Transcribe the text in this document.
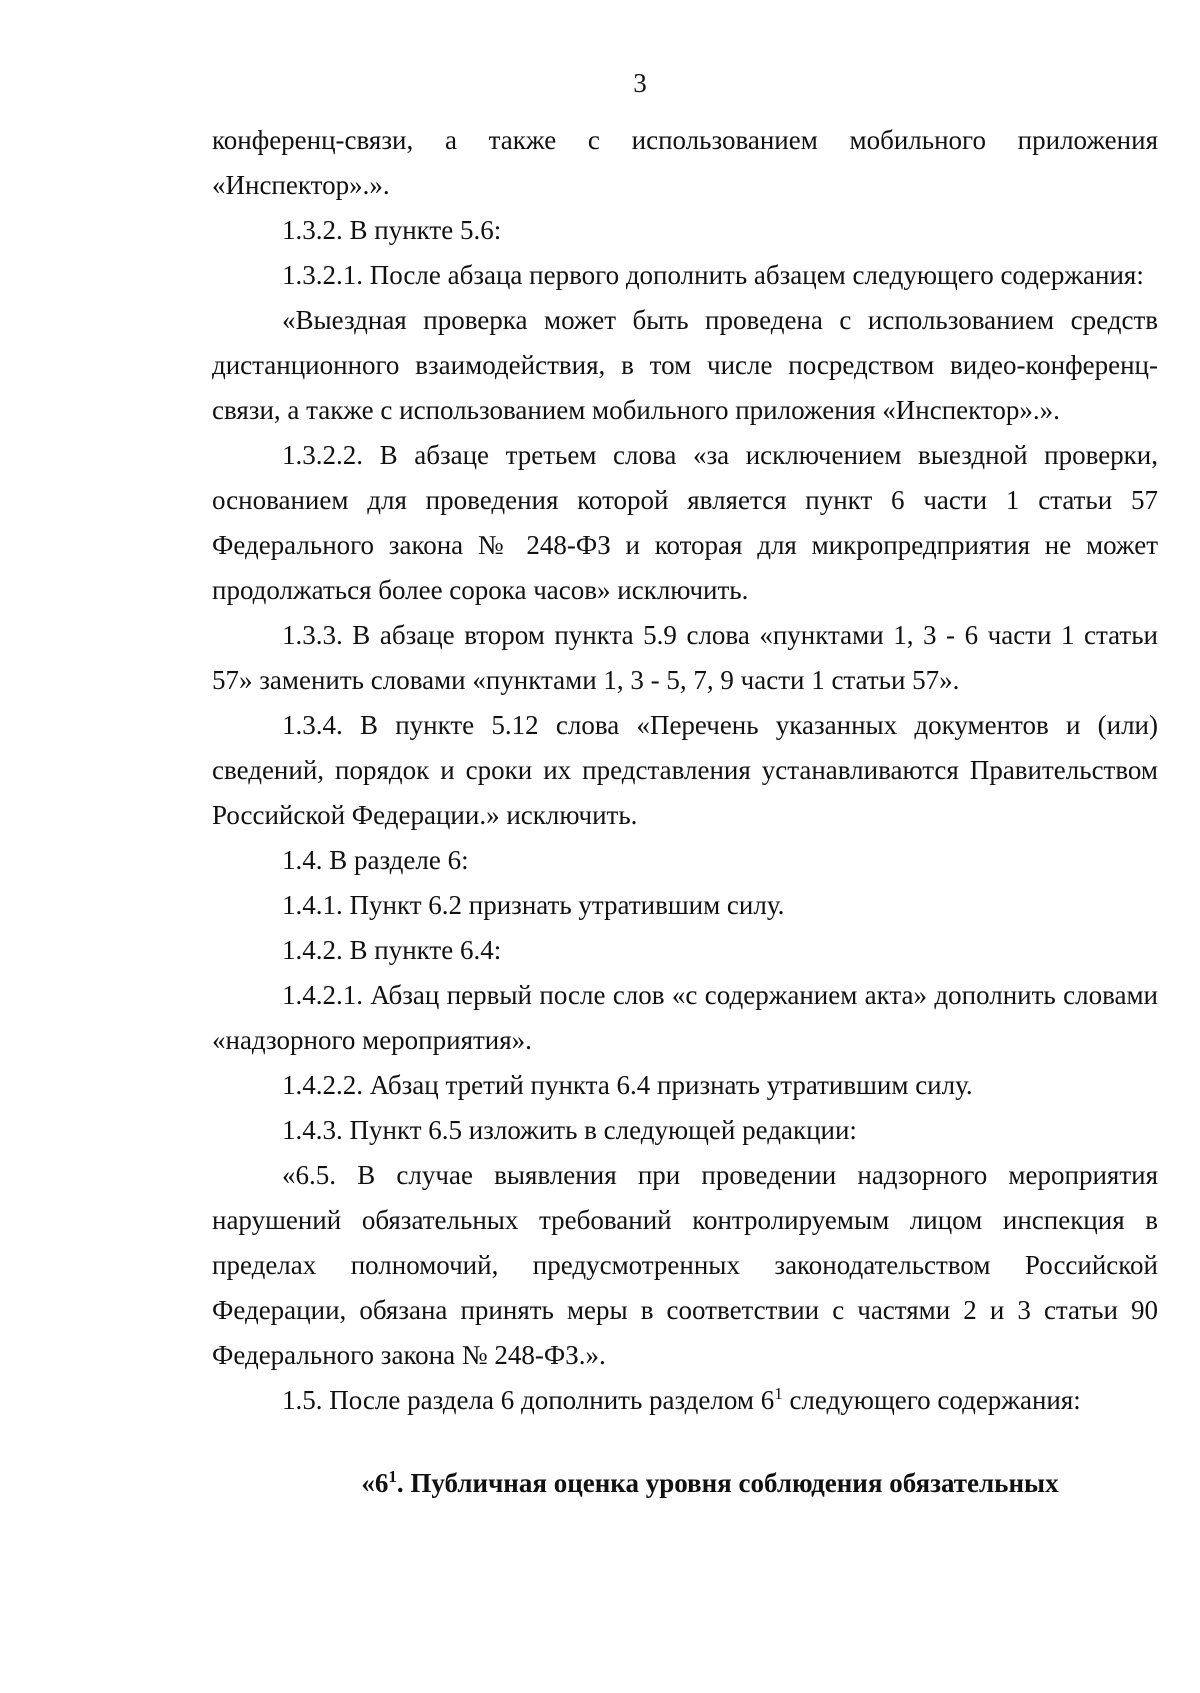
3

конференц-связи, а также с использованием мобильного приложения «Инспектор».».

1.3.2. В пункте 5.6:

1.3.2.1. После абзаца первого дополнить абзацем следующего содержания:

«Выездная проверка может быть проведена с использованием средств дистанционного взаимодействия, в том числе посредством видео-конференц-связи, а также с использованием мобильного приложения «Инспектор».».

1.3.2.2. В абзаце третьем слова «за исключением выездной проверки, основанием для проведения которой является пункт 6 части 1 статьи 57 Федерального закона № 248-ФЗ и которая для микропредприятия не может продолжаться более сорока часов» исключить.

1.3.3. В абзаце втором пункта 5.9 слова «пунктами 1, 3 - 6 части 1 статьи 57» заменить словами «пунктами 1, 3 - 5, 7, 9 части 1 статьи 57».

1.3.4. В пункте 5.12 слова «Перечень указанных документов и (или) сведений, порядок и сроки их представления устанавливаются Правительством Российской Федерации.» исключить.

1.4. В разделе 6:

1.4.1. Пункт 6.2 признать утратившим силу.

1.4.2. В пункте 6.4:

1.4.2.1. Абзац первый после слов «с содержанием акта» дополнить словами «надзорного мероприятия».

1.4.2.2. Абзац третий пункта 6.4 признать утратившим силу.

1.4.3. Пункт 6.5 изложить в следующей редакции:

«6.5. В случае выявления при проведении надзорного мероприятия нарушений обязательных требований контролируемым лицом инспекция в пределах полномочий, предусмотренных законодательством Российской Федерации, обязана принять меры в соответствии с частями 2 и 3 статьи 90 Федерального закона № 248-ФЗ.».

1.5. После раздела 6 дополнить разделом $6^1$ следующего содержания:

«$6^1$. Публичная оценка уровня соблюдения обязательных
